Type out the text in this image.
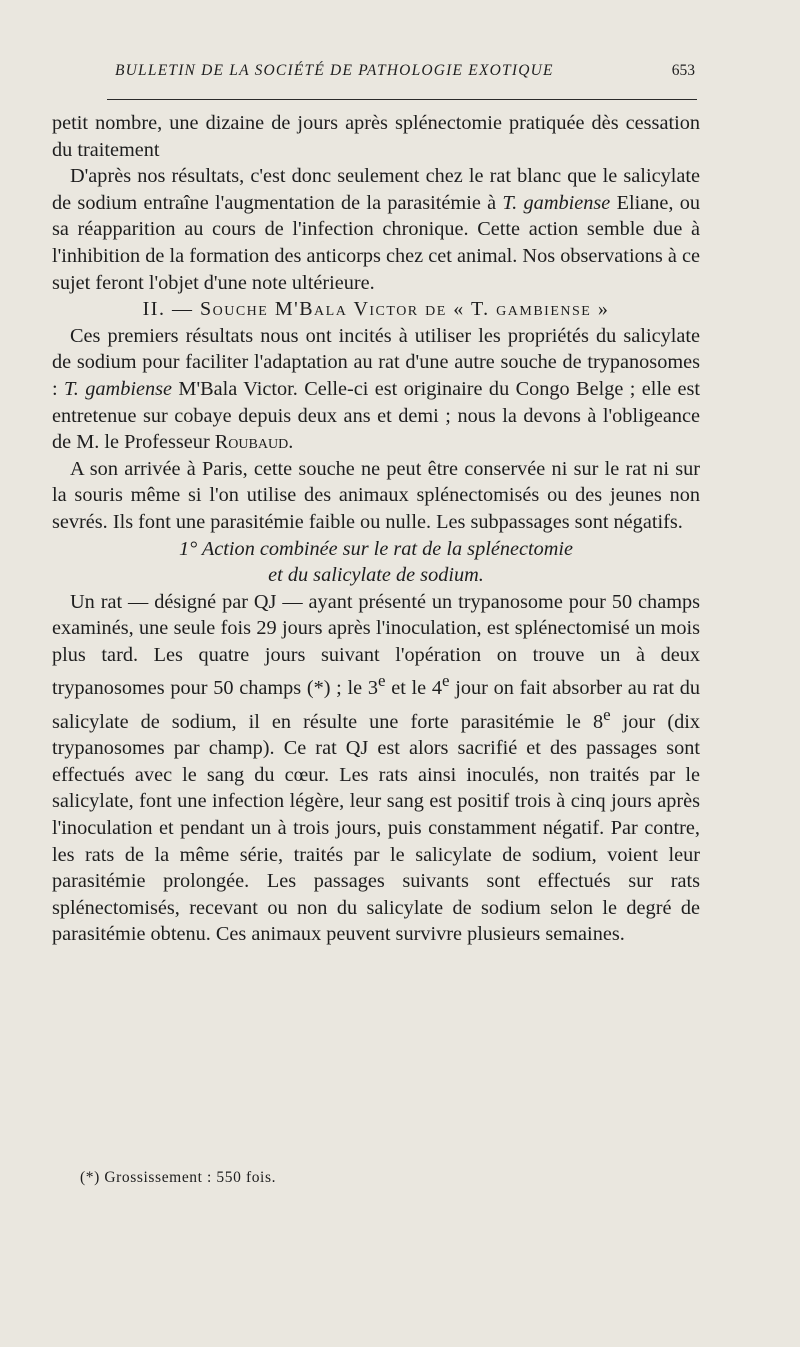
BULLETIN DE LA SOCIÉTÉ DE PATHOLOGIE EXOTIQUE	653

petit nombre, une dizaine de jours après splénectomie pratiquée dès cessation du traitement

D'après nos résultats, c'est donc seulement chez le rat blanc que le salicylate de sodium entraîne l'augmentation de la parasitémie à T. gambiense Eliane, ou sa réapparition au cours de l'infection chronique. Cette action semble due à l'inhibition de la formation des anticorps chez cet animal. Nos observations à ce sujet feront l'objet d'une note ultérieure.

II. — Souche M'Bala Victor de « T. gambiense »

Ces premiers résultats nous ont incités à utiliser les propriétés du salicylate de sodium pour faciliter l'adaptation au rat d'une autre souche de trypanosomes : T. gambiense M'Bala Victor. Celle-ci est originaire du Congo Belge ; elle est entretenue sur cobaye depuis deux ans et demi ; nous la devons à l'obligeance de M. le Professeur Roubaud.

A son arrivée à Paris, cette souche ne peut être conservée ni sur le rat ni sur la souris même si l'on utilise des animaux splénectomisés ou des jeunes non sevrés. Ils font une parasitémie faible ou nulle. Les subpassages sont négatifs.

1° Action combinée sur le rat de la splénectomie
et du salicylate de sodium.

Un rat — désigné par QJ — ayant présenté un trypanosome pour 50 champs examinés, une seule fois 29 jours après l'inoculation, est splénectomisé un mois plus tard. Les quatre jours suivant l'opération on trouve un à deux trypanosomes pour 50 champs (*) ; le 3e et le 4e jour on fait absorber au rat du salicylate de sodium, il en résulte une forte parasitémie le 8e jour (dix trypanosomes par champ). Ce rat QJ est alors sacrifié et des passages sont effectués avec le sang du cœur. Les rats ainsi inoculés, non traités par le salicylate, font une infection légère, leur sang est positif trois à cinq jours après l'inoculation et pendant un à trois jours, puis constamment négatif. Par contre, les rats de la même série, traités par le salicylate de sodium, voient leur parasitémie prolongée. Les passages suivants sont effectués sur rats splénectomisés, recevant ou non du salicylate de sodium selon le degré de parasitémie obtenu. Ces animaux peuvent survivre plusieurs semaines.

(*) Grossissement : 550 fois.
